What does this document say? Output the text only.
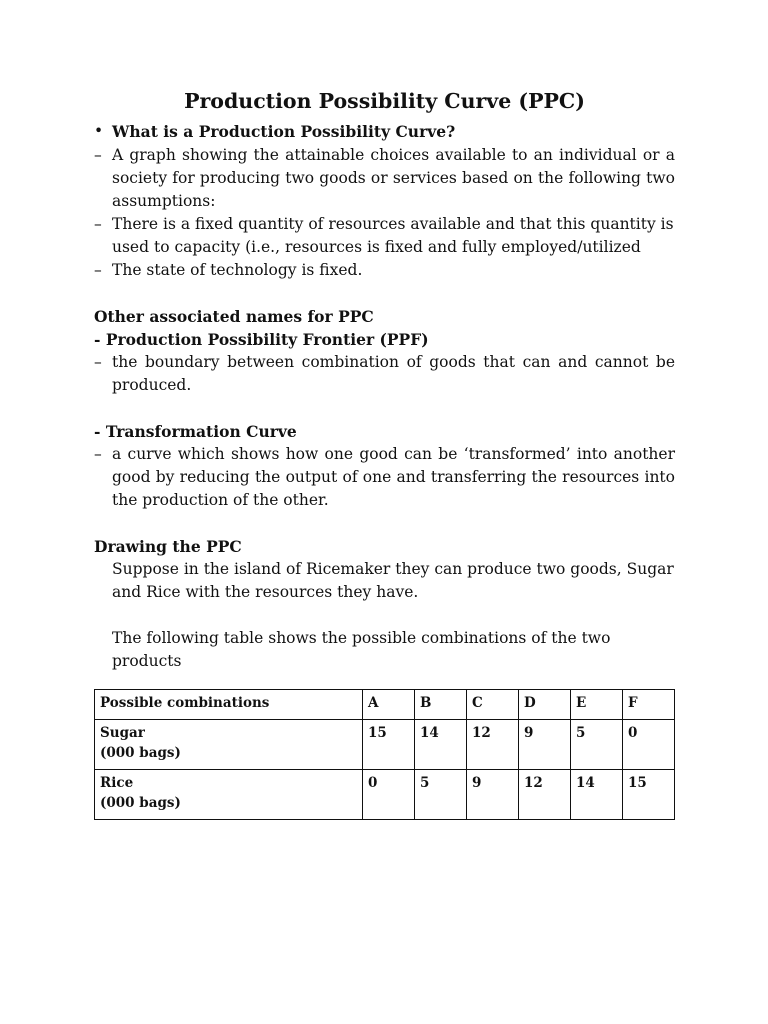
Production Possibility Curve (PPC)
• What is a Production Possibility Curve?
– A graph showing the attainable choices available to an individual or a society for producing two goods or services based on the following two assumptions:
– There is a fixed quantity of resources available and that this quantity is used to capacity (i.e., resources is fixed and fully employed/utilized
– The state of technology is fixed.
Other associated names for PPC
- Production Possibility Frontier (PPF)
– the boundary between combination of goods that can and cannot be produced.
- Transformation Curve
– a curve which shows how one good can be ‘transformed’ into another good by reducing the output of one and transferring the resources into the production of the other.
Drawing the PPC
Suppose in the island of Ricemaker they can produce two goods, Sugar and Rice with the resources they have.
The following table shows the possible combinations of the two products
Possible combinations	A	B	C	D	E	F

Sugar
(000 bags)	15	14	12	9	5	0

Rice
(000 bags)	0	5	9	12	14	15
